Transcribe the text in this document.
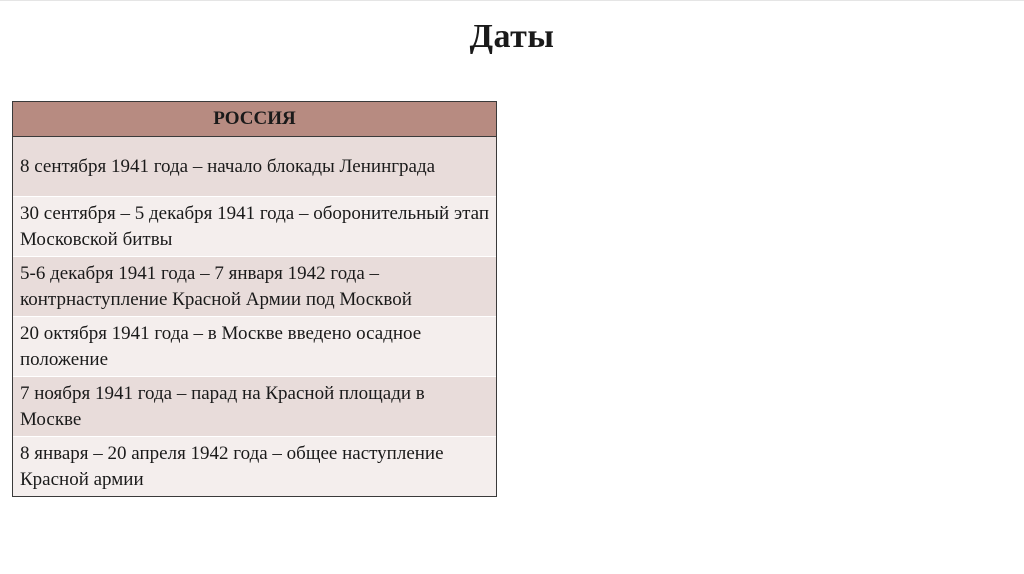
Даты
РОССИЯ
8 сентября 1941 года – начало блокады Ленинграда
30 сентября – 5 декабря 1941 года – оборонительный этап Московской битвы
5-6 декабря 1941 года – 7 января 1942 года – контрнаступление Красной Армии под Москвой
20 октября 1941 года – в Москве введено осадное положение
7 ноября 1941 года – парад на Красной площади в Москве
8 января – 20 апреля 1942 года – общее наступление Красной армии
